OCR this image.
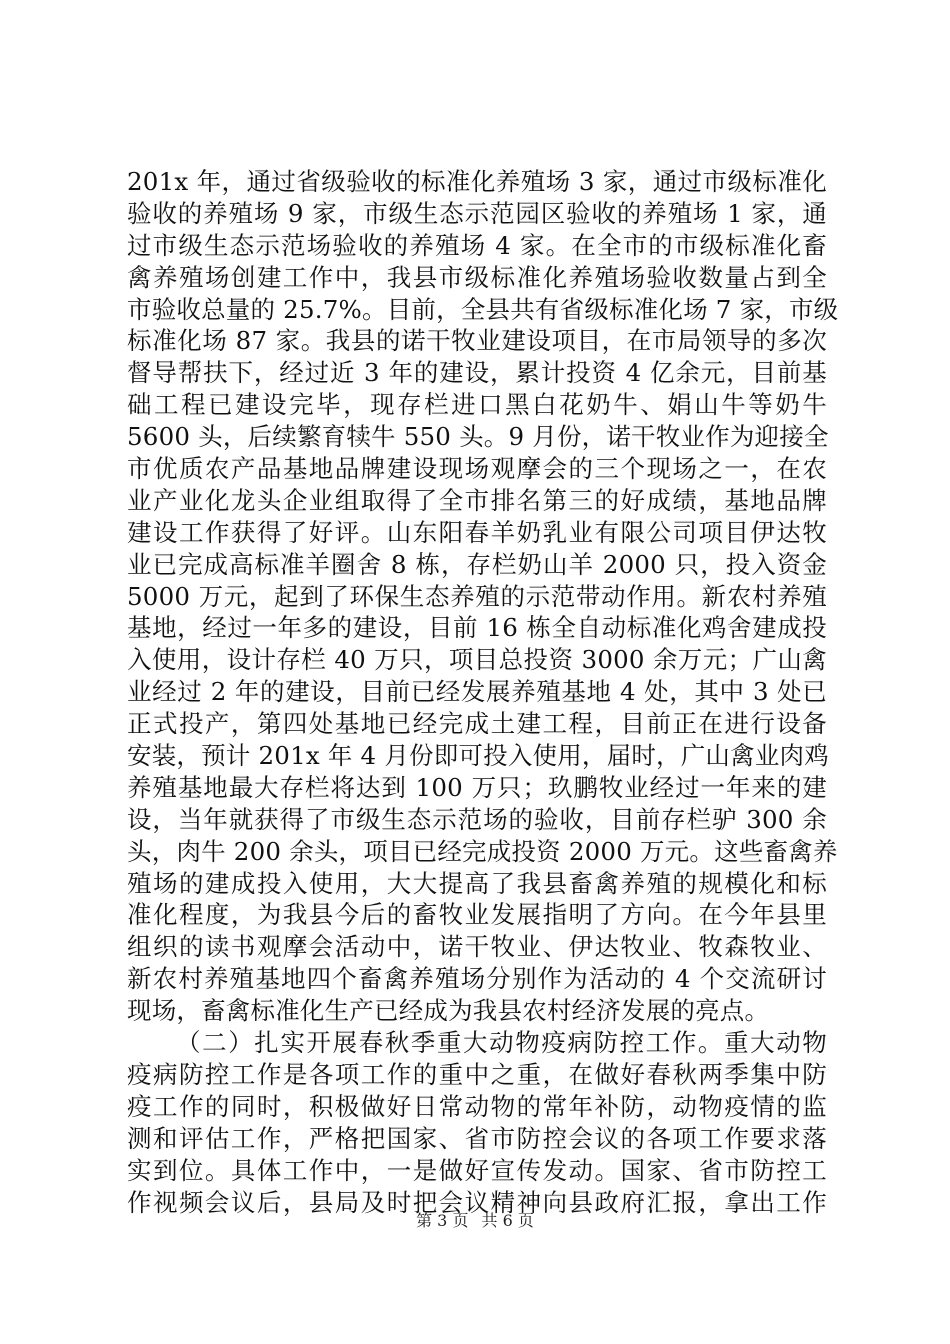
201x 年，通过省级验收的标准化养殖场 3 家，通过市级标准化
验收的养殖场 9 家，市级生态示范园区验收的养殖场 1 家，通
过市级生态示范场验收的养殖场 4 家。在全市的市级标准化畜
禽养殖场创建工作中，我县市级标准化养殖场验收数量占到全
市验收总量的 25.7%。目前，全县共有省级标准化场 7 家，市级
标准化场 87 家。我县的诺干牧业建设项目，在市局领导的多次
督导帮扶下，经过近 3 年的建设，累计投资 4 亿余元，目前基
础工程已建设完毕，现存栏进口黑白花奶牛、娟山牛等奶牛
5600 头，后续繁育犊牛 550 头。9 月份，诺干牧业作为迎接全
市优质农产品基地品牌建设现场观摩会的三个现场之一，在农
业产业化龙头企业组取得了全市排名第三的好成绩，基地品牌
建设工作获得了好评。山东阳春羊奶乳业有限公司项目伊达牧
业已完成高标准羊圈舍 8 栋，存栏奶山羊 2000 只，投入资金
5000 万元，起到了环保生态养殖的示范带动作用。新农村养殖
基地，经过一年多的建设，目前 16 栋全自动标准化鸡舍建成投
入使用，设计存栏 40 万只，项目总投资 3000 余万元；广山禽
业经过 2 年的建设，目前已经发展养殖基地 4 处，其中 3 处已
正式投产，第四处基地已经完成土建工程，目前正在进行设备
安装，预计 201x 年 4 月份即可投入使用，届时，广山禽业肉鸡
养殖基地最大存栏将达到 100 万只；玖鹏牧业经过一年来的建
设，当年就获得了市级生态示范场的验收，目前存栏驴 300 余
头，肉牛 200 余头，项目已经完成投资 2000 万元。这些畜禽养
殖场的建成投入使用，大大提高了我县畜禽养殖的规模化和标
准化程度，为我县今后的畜牧业发展指明了方向。在今年县里
组织的读书观摩会活动中，诺干牧业、伊达牧业、牧森牧业、
新农村养殖基地四个畜禽养殖场分别作为活动的 4 个交流研讨
现场，畜禽标准化生产已经成为我县农村经济发展的亮点。
（二）扎实开展春秋季重大动物疫病防控工作。重大动物
疫病防控工作是各项工作的重中之重，在做好春秋两季集中防
疫工作的同时，积极做好日常动物的常年补防，动物疫情的监
测和评估工作，严格把国家、省市防控会议的各项工作要求落
实到位。具体工作中，一是做好宣传发动。国家、省市防控工
作视频会议后，县局及时把会议精神向县政府汇报，拿出工作
第 3 页 共 6 页
